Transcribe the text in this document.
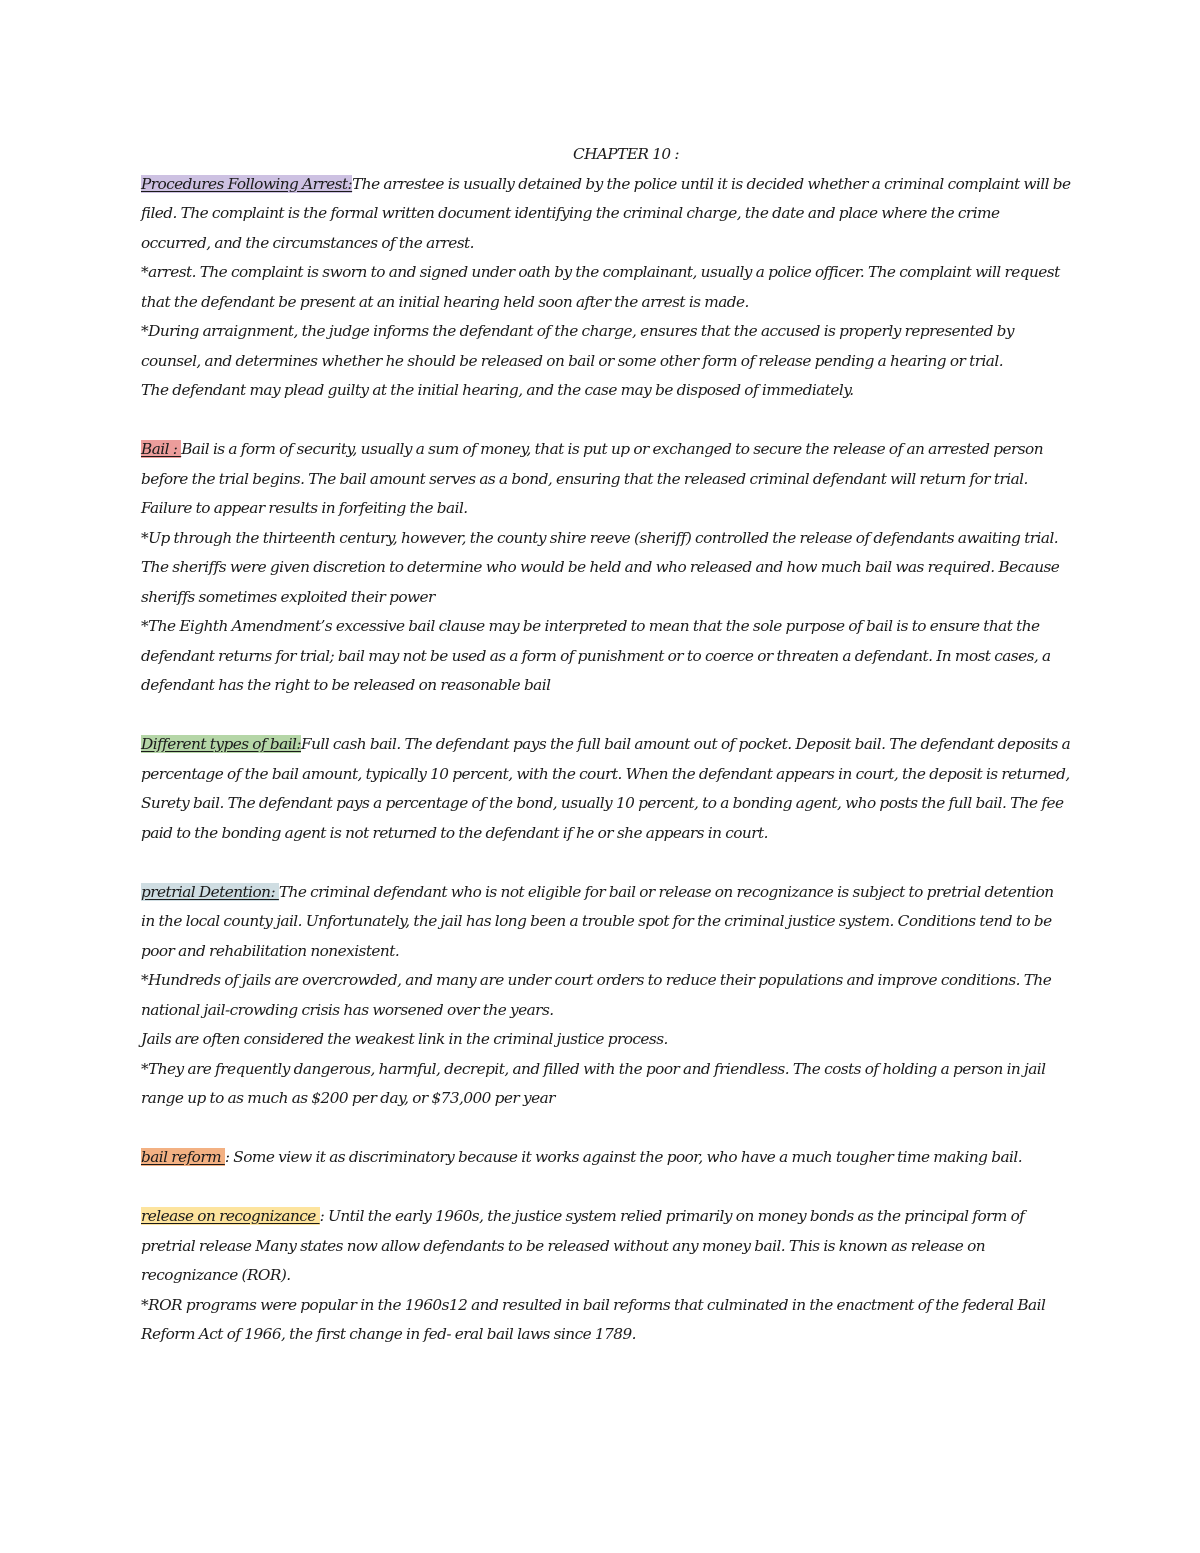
CHAPTER 10 :

Procedures Following Arrest:The arrestee is usually detained by the police until it is decided whether a criminal complaint will be filed. The complaint is the formal written document identifying the criminal charge, the date and place where the crime occurred, and the circumstances of the arrest.

*arrest. The complaint is sworn to and signed under oath by the complainant, usually a police officer. The complaint will request that the defendant be present at an initial hearing held soon after the arrest is made.

*During arraignment, the judge informs the defendant of the charge, ensures that the accused is properly represented by counsel, and determines whether he should be released on bail or some other form of release pending a hearing or trial.

The defendant may plead guilty at the initial hearing, and the case may be disposed of immediately.

Bail : Bail is a form of security, usually a sum of money, that is put up or exchanged to secure the release of an arrested person before the trial begins. The bail amount serves as a bond, ensuring that the released criminal defendant will return for trial. Failure to appear results in forfeiting the bail.

*Up through the thirteenth century, however, the county shire reeve (sheriff) controlled the release of defendants awaiting trial. The sheriffs were given discretion to determine who would be held and who released and how much bail was required. Because sheriffs sometimes exploited their power

*The Eighth Amendment’s excessive bail clause may be interpreted to mean that the sole purpose of bail is to ensure that the defendant returns for trial; bail may not be used as a form of punishment or to coerce or threaten a defendant. In most cases, a defendant has the right to be released on reasonable bail

Different types of bail:Full cash bail. The defendant pays the full bail amount out of pocket. Deposit bail. The defendant deposits a percentage of the bail amount, typically 10 percent, with the court. When the defendant appears in court, the deposit is returned, Surety bail. The defendant pays a percentage of the bond, usually 10 percent, to a bonding agent, who posts the full bail. The fee paid to the bonding agent is not returned to the defendant if he or she appears in court.

pretrial Detention: The criminal defendant who is not eligible for bail or release on recognizance is subject to pretrial detention in the local county jail. Unfortunately, the jail has long been a trouble spot for the criminal justice system. Conditions tend to be poor and rehabilitation nonexistent.

*Hundreds of jails are overcrowded, and many are under court orders to reduce their populations and improve conditions. The national jail-crowding crisis has worsened over the years.

Jails are often considered the weakest link in the criminal justice process.

*They are frequently dangerous, harmful, decrepit, and filled with the poor and friendless. The costs of holding a person in jail range up to as much as $200 per day, or $73,000 per year

bail reform : Some view it as discriminatory because it works against the poor, who have a much tougher time making bail.

release on recognizance : Until the early 1960s, the justice system relied primarily on money bonds as the principal form of pretrial release Many states now allow defendants to be released without any money bail. This is known as release on recognizance (ROR).

*ROR programs were popular in the 1960s12 and resulted in bail reforms that culminated in the enactment of the federal Bail Reform Act of 1966, the first change in fed- eral bail laws since 1789.
